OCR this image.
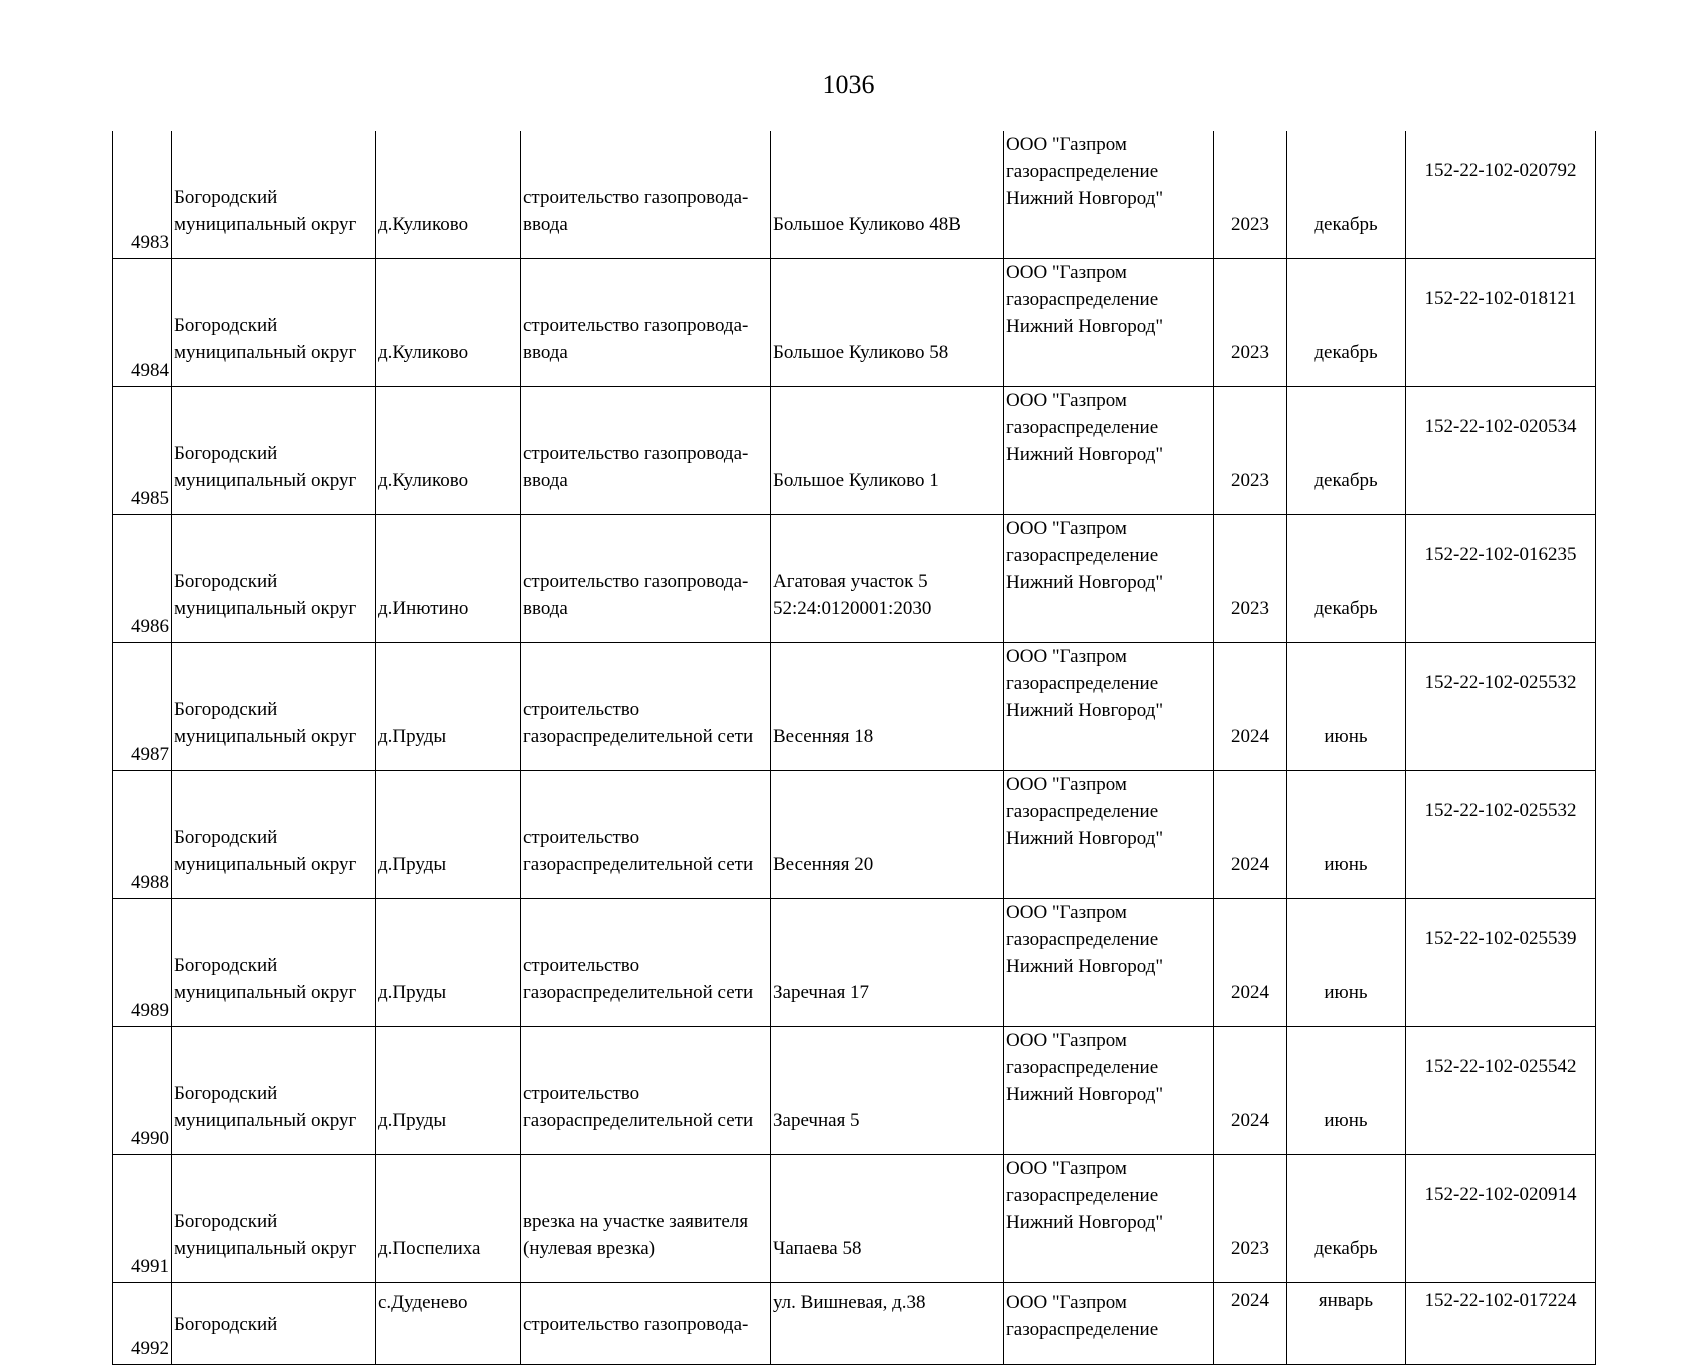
1036
4983	Богородский
муниципальный округ	д.Куликово	строительство газопровода-
ввода	Большое Куликово 48В	ООО "Газпром
газораспределение
Нижний Новгород"	2023	декабрь	152-22-102-020792
4984	Богородский
муниципальный округ	д.Куликово	строительство газопровода-
ввода	Большое Куликово 58	ООО "Газпром
газораспределение
Нижний Новгород"	2023	декабрь	152-22-102-018121
4985	Богородский
муниципальный округ	д.Куликово	строительство газопровода-
ввода	Большое Куликово 1	ООО "Газпром
газораспределение
Нижний Новгород"	2023	декабрь	152-22-102-020534
4986	Богородский
муниципальный округ	д.Инютино	строительство газопровода-
ввода	Агатовая участок 5
52:24:0120001:2030	ООО "Газпром
газораспределение
Нижний Новгород"	2023	декабрь	152-22-102-016235
4987	Богородский
муниципальный округ	д.Пруды	строительство
газораспределительной сети	Весенняя 18	ООО "Газпром
газораспределение
Нижний Новгород"	2024	июнь	152-22-102-025532
4988	Богородский
муниципальный округ	д.Пруды	строительство
газораспределительной сети	Весенняя 20	ООО "Газпром
газораспределение
Нижний Новгород"	2024	июнь	152-22-102-025532
4989	Богородский
муниципальный округ	д.Пруды	строительство
газораспределительной сети	Заречная 17	ООО "Газпром
газораспределение
Нижний Новгород"	2024	июнь	152-22-102-025539
4990	Богородский
муниципальный округ	д.Пруды	строительство
газораспределительной сети	Заречная 5	ООО "Газпром
газораспределение
Нижний Новгород"	2024	июнь	152-22-102-025542
4991	Богородский
муниципальный округ	д.Поспелиха	врезка на участке заявителя
(нулевая врезка)	Чапаева 58	ООО "Газпром
газораспределение
Нижний Новгород"	2023	декабрь	152-22-102-020914
4992	Богородский	с.Дуденево	строительство газопровода-	ул. Вишневая, д.38	ООО "Газпром
газораспределение	2024	январь	152-22-102-017224
